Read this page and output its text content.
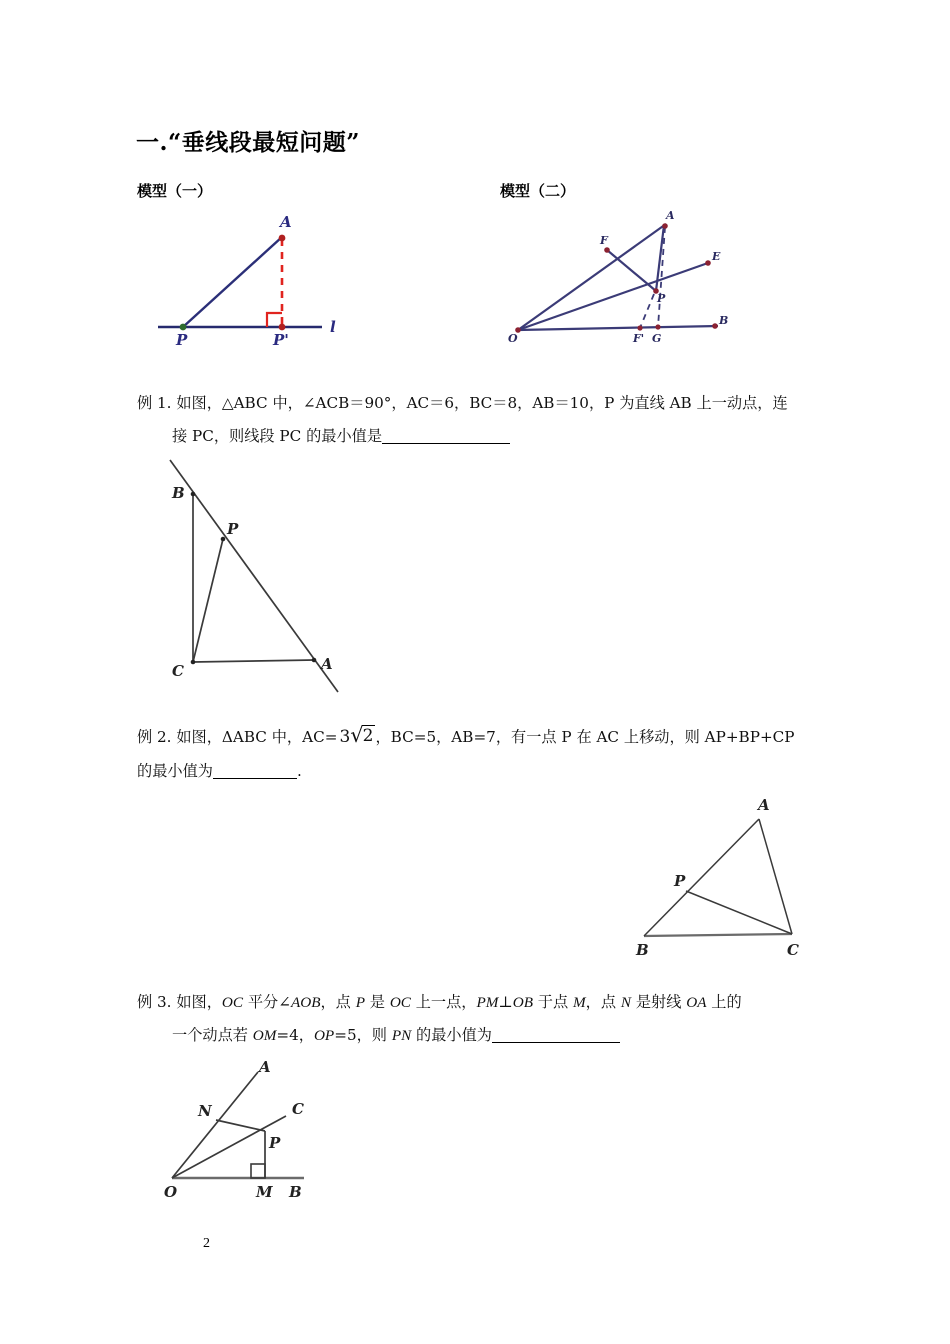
一.“垂线段最短问题”
模型（一）	模型（二）
A
P	P'
l
A
F
E
P
B
O	F' G
例 1. 如图，△ABC 中，∠ACB＝90°，AC＝6，BC＝8，AB＝10，P 为直线 AB 上一动点，连
接 PC，则线段 PC 的最小值是
B
P
C	A
例 2. 如图，ΔABC 中，AC= 3√2 ，BC=5，AB=7，有一点 P 在 AC 上移动，则 AP+BP+CP
的最小值为	.
A
P
B	C
例 3. 如图，OC 平分∠AOB，点 P 是 OC 上一点，PM⊥OB 于点 M，点 N 是射线 OA 上的
一个动点若 OM=4，OP=5，则 PN 的最小值为
A
N	C
P
O	M B
2
